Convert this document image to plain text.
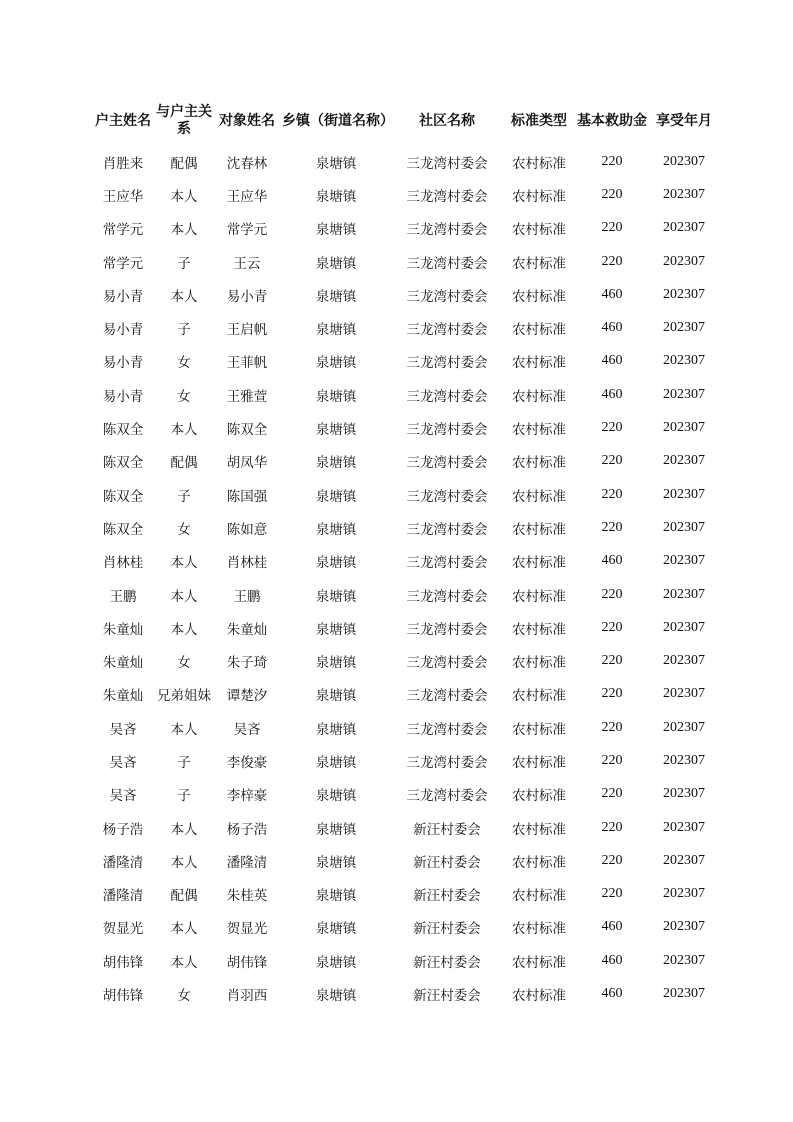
户主姓名	与户主关系	对象姓名	乡镇（街道名称）	社区名称	标准类型	基本救助金	享受年月
肖胜来	配偶	沈春林	泉塘镇	三龙湾村委会	农村标准	220	202307
王应华	本人	王应华	泉塘镇	三龙湾村委会	农村标准	220	202307
常学元	本人	常学元	泉塘镇	三龙湾村委会	农村标准	220	202307
常学元	子	王云	泉塘镇	三龙湾村委会	农村标准	220	202307
易小青	本人	易小青	泉塘镇	三龙湾村委会	农村标准	460	202307
易小青	子	王启帆	泉塘镇	三龙湾村委会	农村标准	460	202307
易小青	女	王菲帆	泉塘镇	三龙湾村委会	农村标准	460	202307
易小青	女	王雅萱	泉塘镇	三龙湾村委会	农村标准	460	202307
陈双全	本人	陈双全	泉塘镇	三龙湾村委会	农村标准	220	202307
陈双全	配偶	胡凤华	泉塘镇	三龙湾村委会	农村标准	220	202307
陈双全	子	陈国强	泉塘镇	三龙湾村委会	农村标准	220	202307
陈双全	女	陈如意	泉塘镇	三龙湾村委会	农村标准	220	202307
肖林桂	本人	肖林桂	泉塘镇	三龙湾村委会	农村标准	460	202307
王鹏	本人	王鹏	泉塘镇	三龙湾村委会	农村标准	220	202307
朱童灿	本人	朱童灿	泉塘镇	三龙湾村委会	农村标准	220	202307
朱童灿	女	朱子琦	泉塘镇	三龙湾村委会	农村标准	220	202307
朱童灿	兄弟姐妹	谭楚汐	泉塘镇	三龙湾村委会	农村标准	220	202307
吴吝	本人	吴吝	泉塘镇	三龙湾村委会	农村标准	220	202307
吴吝	子	李俊豪	泉塘镇	三龙湾村委会	农村标准	220	202307
吴吝	子	李梓豪	泉塘镇	三龙湾村委会	农村标准	220	202307
杨子浩	本人	杨子浩	泉塘镇	新汪村委会	农村标准	220	202307
潘隆清	本人	潘隆清	泉塘镇	新汪村委会	农村标准	220	202307
潘隆清	配偶	朱桂英	泉塘镇	新汪村委会	农村标准	220	202307
贺显光	本人	贺显光	泉塘镇	新汪村委会	农村标准	460	202307
胡伟锋	本人	胡伟锋	泉塘镇	新汪村委会	农村标准	460	202307
胡伟锋	女	肖羽西	泉塘镇	新汪村委会	农村标准	460	202307
